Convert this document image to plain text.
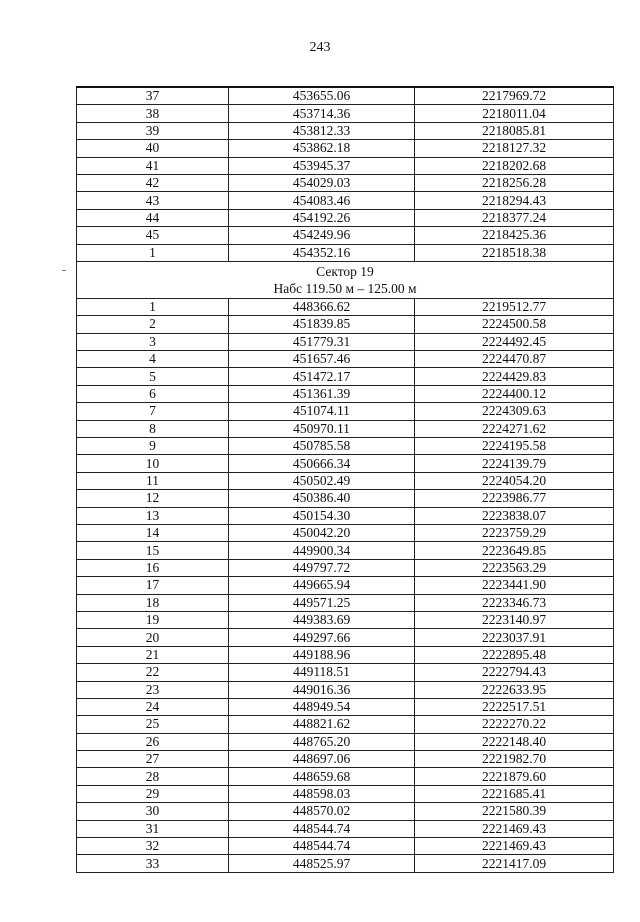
243
37	453655.06	2217969.72
38	453714.36	2218011.04
39	453812.33	2218085.81
40	453862.18	2218127.32
41	453945.37	2218202.68
42	454029.03	2218256.28
43	454083.46	2218294.43
44	454192.26	2218377.24
45	454249.96	2218425.36
1	454352.16	2218518.38

Сектор 19
Набс 119.50 м – 125.00 м		

1	448366.62	2219512.77
2	451839.85	2224500.58
3	451779.31	2224492.45
4	451657.46	2224470.87
5	451472.17	2224429.83
6	451361.39	2224400.12
7	451074.11	2224309.63
8	450970.11	2224271.62
9	450785.58	2224195.58
10	450666.34	2224139.79
11	450502.49	2224054.20
12	450386.40	2223986.77
13	450154.30	2223838.07
14	450042.20	2223759.29
15	449900.34	2223649.85
16	449797.72	2223563.29
17	449665.94	2223441.90
18	449571.25	2223346.73
19	449383.69	2223140.97
20	449297.66	2223037.91
21	449188.96	2222895.48
22	449118.51	2222794.43
23	449016.36	2222633.95
24	448949.54	2222517.51
25	448821.62	2222270.22
26	448765.20	2222148.40
27	448697.06	2221982.70
28	448659.68	2221879.60
29	448598.03	2221685.41
30	448570.02	2221580.39
31	448544.74	2221469.43
32	448544.74	2221469.43
33	448525.97	2221417.09
